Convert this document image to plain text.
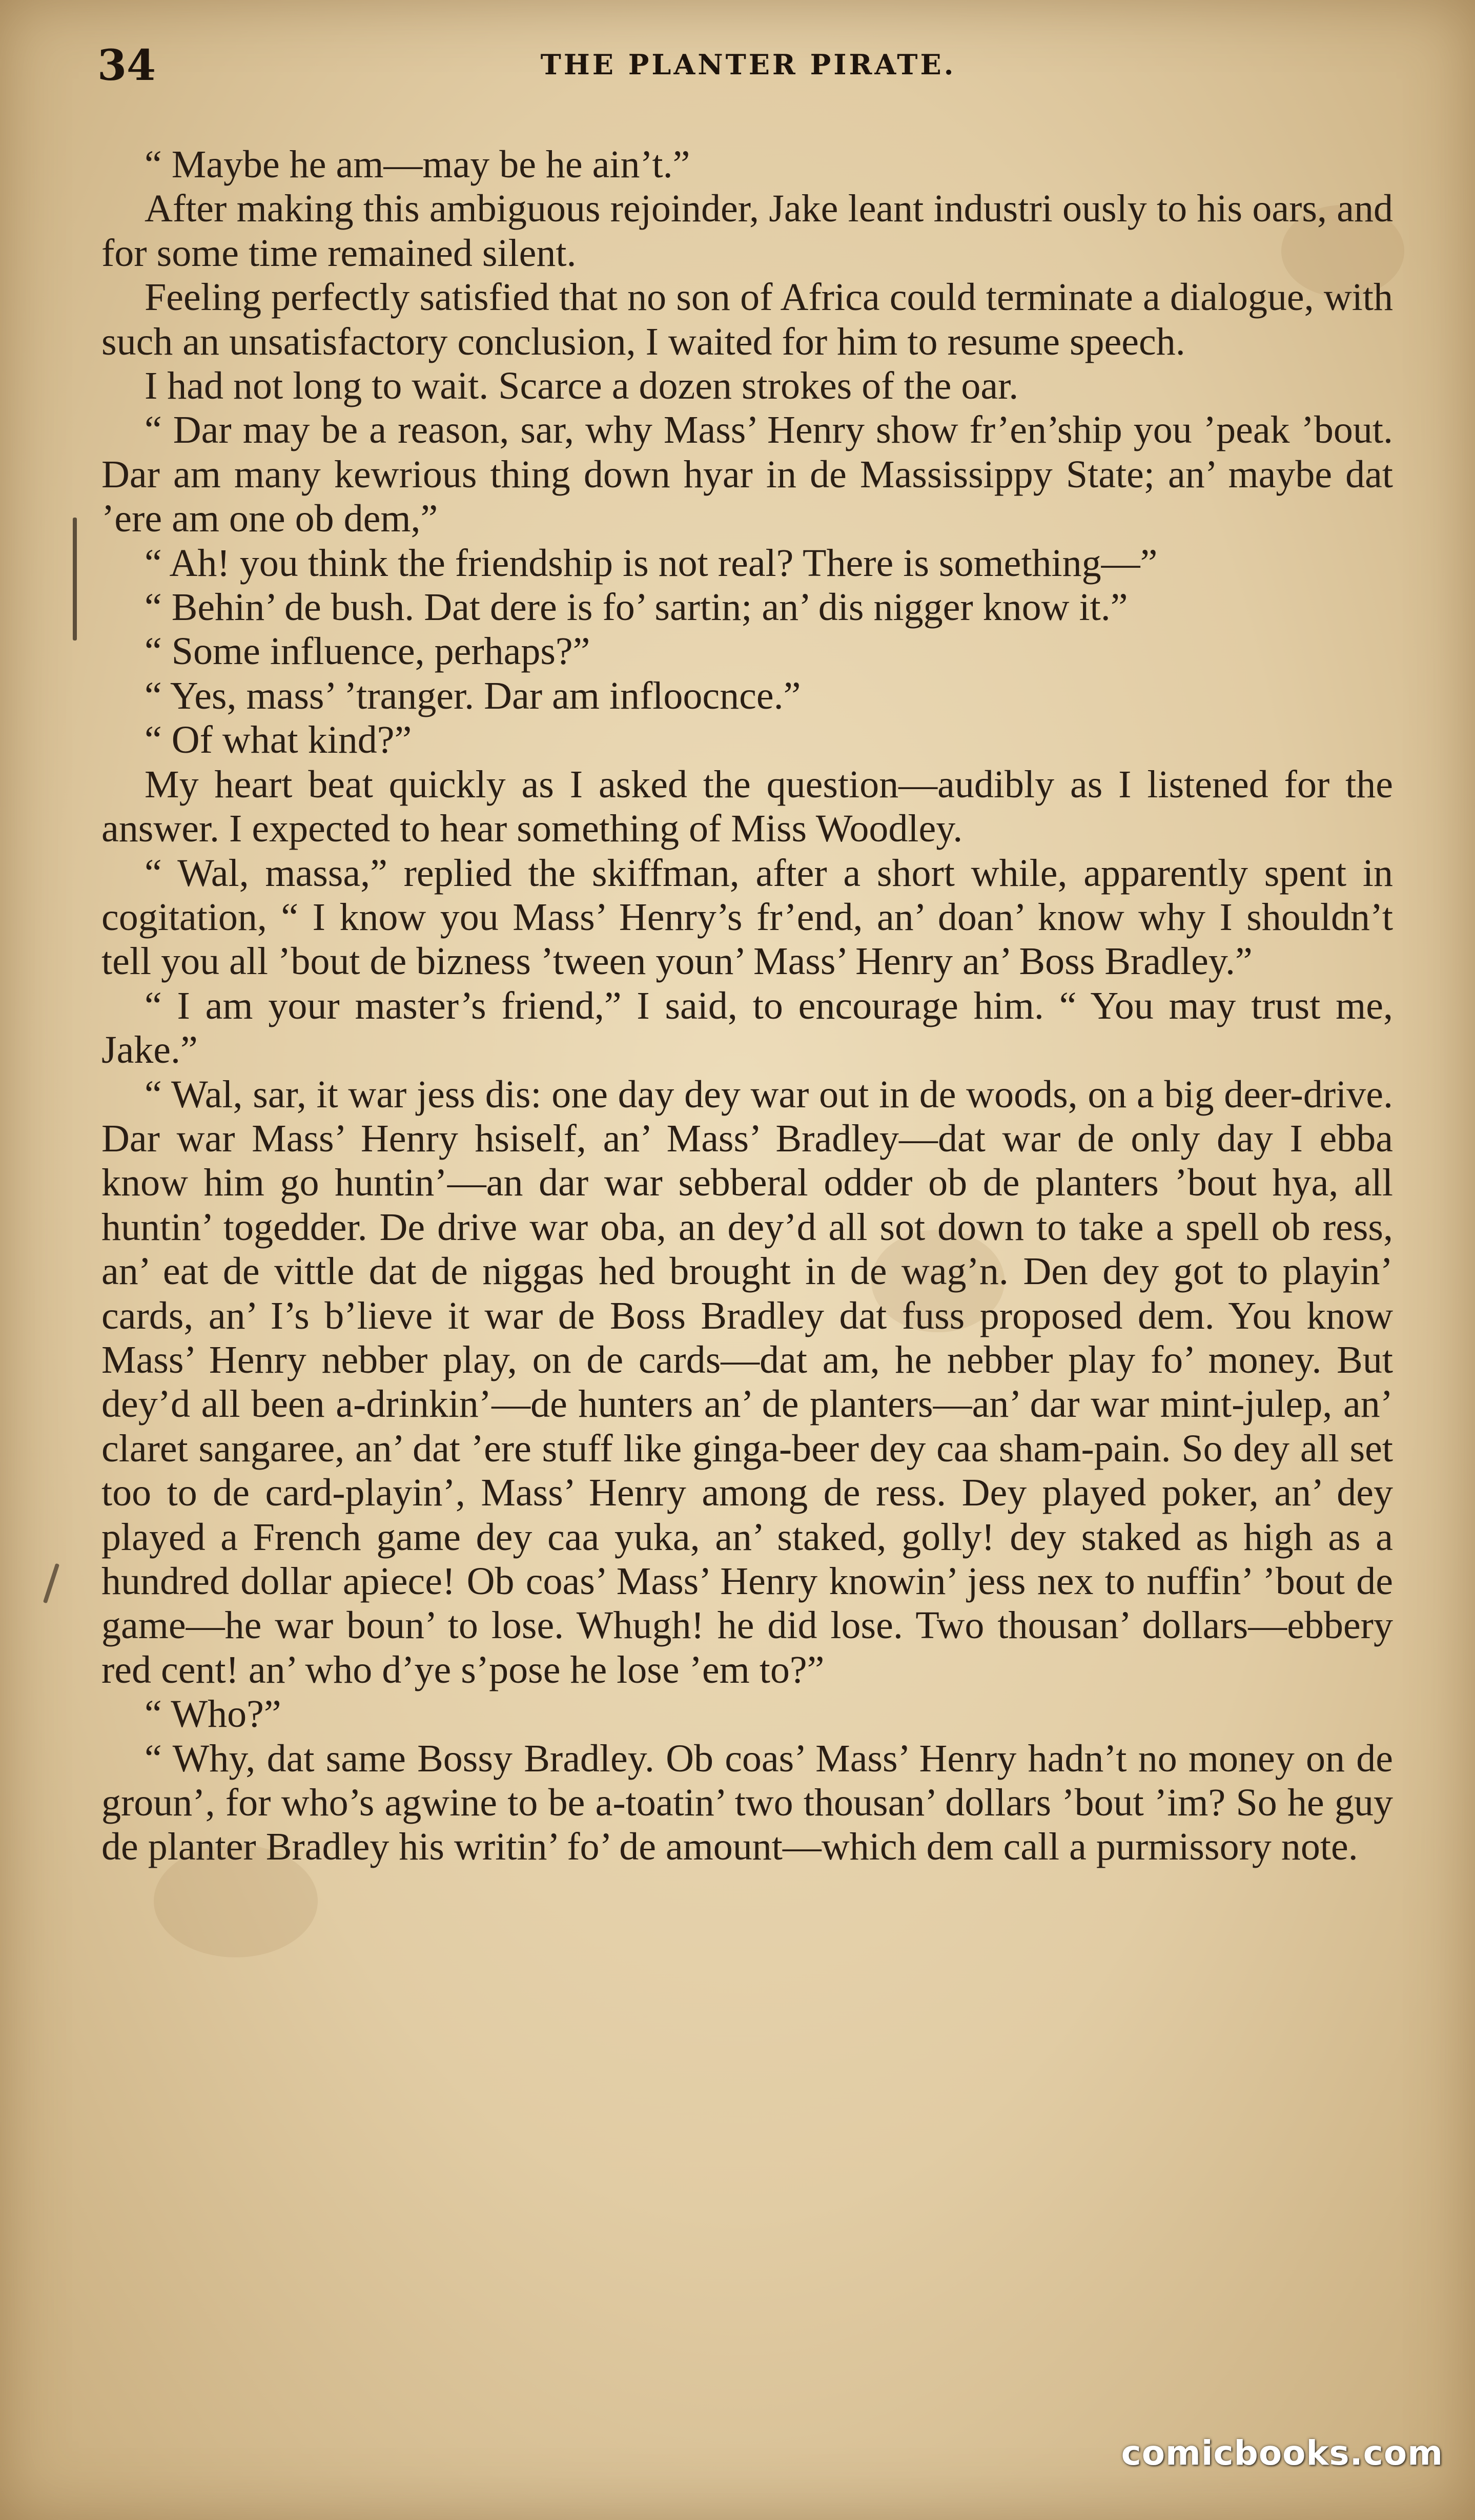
34	THE PLANTER PIRATE.

“ Maybe he am—may be he ain’t.”

After making this ambiguous rejoinder, Jake leant industri ously to his oars, and for some time remained silent.

Feeling perfectly satisfied that no son of Africa could terminate a dialogue, with such an unsatisfactory conclusion, I waited for him to resume speech.

I had not long to wait. Scarce a dozen strokes of the oar.

“ Dar may be a reason, sar, why Mass’ Henry show fr’en’ship you ’peak ’bout. Dar am many kewrious thing down hyar in de Massissippy State; an’ maybe dat ’ere am one ob dem,”

“ Ah! you think the friendship is not real? There is something—”

“ Behin’ de bush. Dat dere is fo’ sartin; an’ dis nigger know it.”

“ Some influence, perhaps?”

“ Yes, mass’ ’tranger. Dar am infloocnce.”

“ Of what kind?”

My heart beat quickly as I asked the question—audibly as I listened for the answer. I expected to hear something of Miss Woodley.

“ Wal, massa,” replied the skiffman, after a short while, apparently spent in cogitation, “ I know you Mass’ Henry’s fr’end, an’ doan’ know why I shouldn’t tell you all ’bout de bizness ’tween youn’ Mass’ Henry an’ Boss Bradley.”

“ I am your master’s friend,” I said, to encourage him. “ You may trust me, Jake.”

“ Wal, sar, it war jess dis: one day dey war out in de woods, on a big deer-drive. Dar war Mass’ Henry hsiself, an’ Mass’ Bradley—dat war de only day I ebba know him go huntin’—an dar war sebberal odder ob de planters ’bout hya, all huntin’ togedder. De drive war oba, an dey’d all sot down to take a spell ob ress, an’ eat de vittle dat de niggas hed brought in de wag’n. Den dey got to playin’ cards, an’ I’s b’lieve it war de Boss Bradley dat fuss proposed dem. You know Mass’ Henry nebber play, on de cards—dat am, he nebber play fo’ money. But dey’d all been a-drinkin’—de hunters an’ de planters—an’ dar war mint-julep, an’ claret sangaree, an’ dat ’ere stuff like ginga-beer dey caa sham-pain. So dey all set too to de card-playin’, Mass’ Henry among de ress. Dey played poker, an’ dey played a French game dey caa yuka, an’ staked, golly! dey staked as high as a hundred dollar apiece! Ob coas’ Mass’ Henry knowin’ jess nex to nuffin’ ’bout de game—he war boun’ to lose. Whugh! he did lose. Two thousan’ dollars—ebbery red cent! an’ who d’ye s’pose he lose ’em to?”

“ Who?”

“ Why, dat same Bossy Bradley. Ob coas’ Mass’ Henry hadn’t no money on de groun’, for who’s agwine to be a-toatin’ two thousan’ dollars ’bout ’im? So he guy de planter Bradley his writin’ fo’ de amount—which dem call a purmissory note.

comicbooks.com
